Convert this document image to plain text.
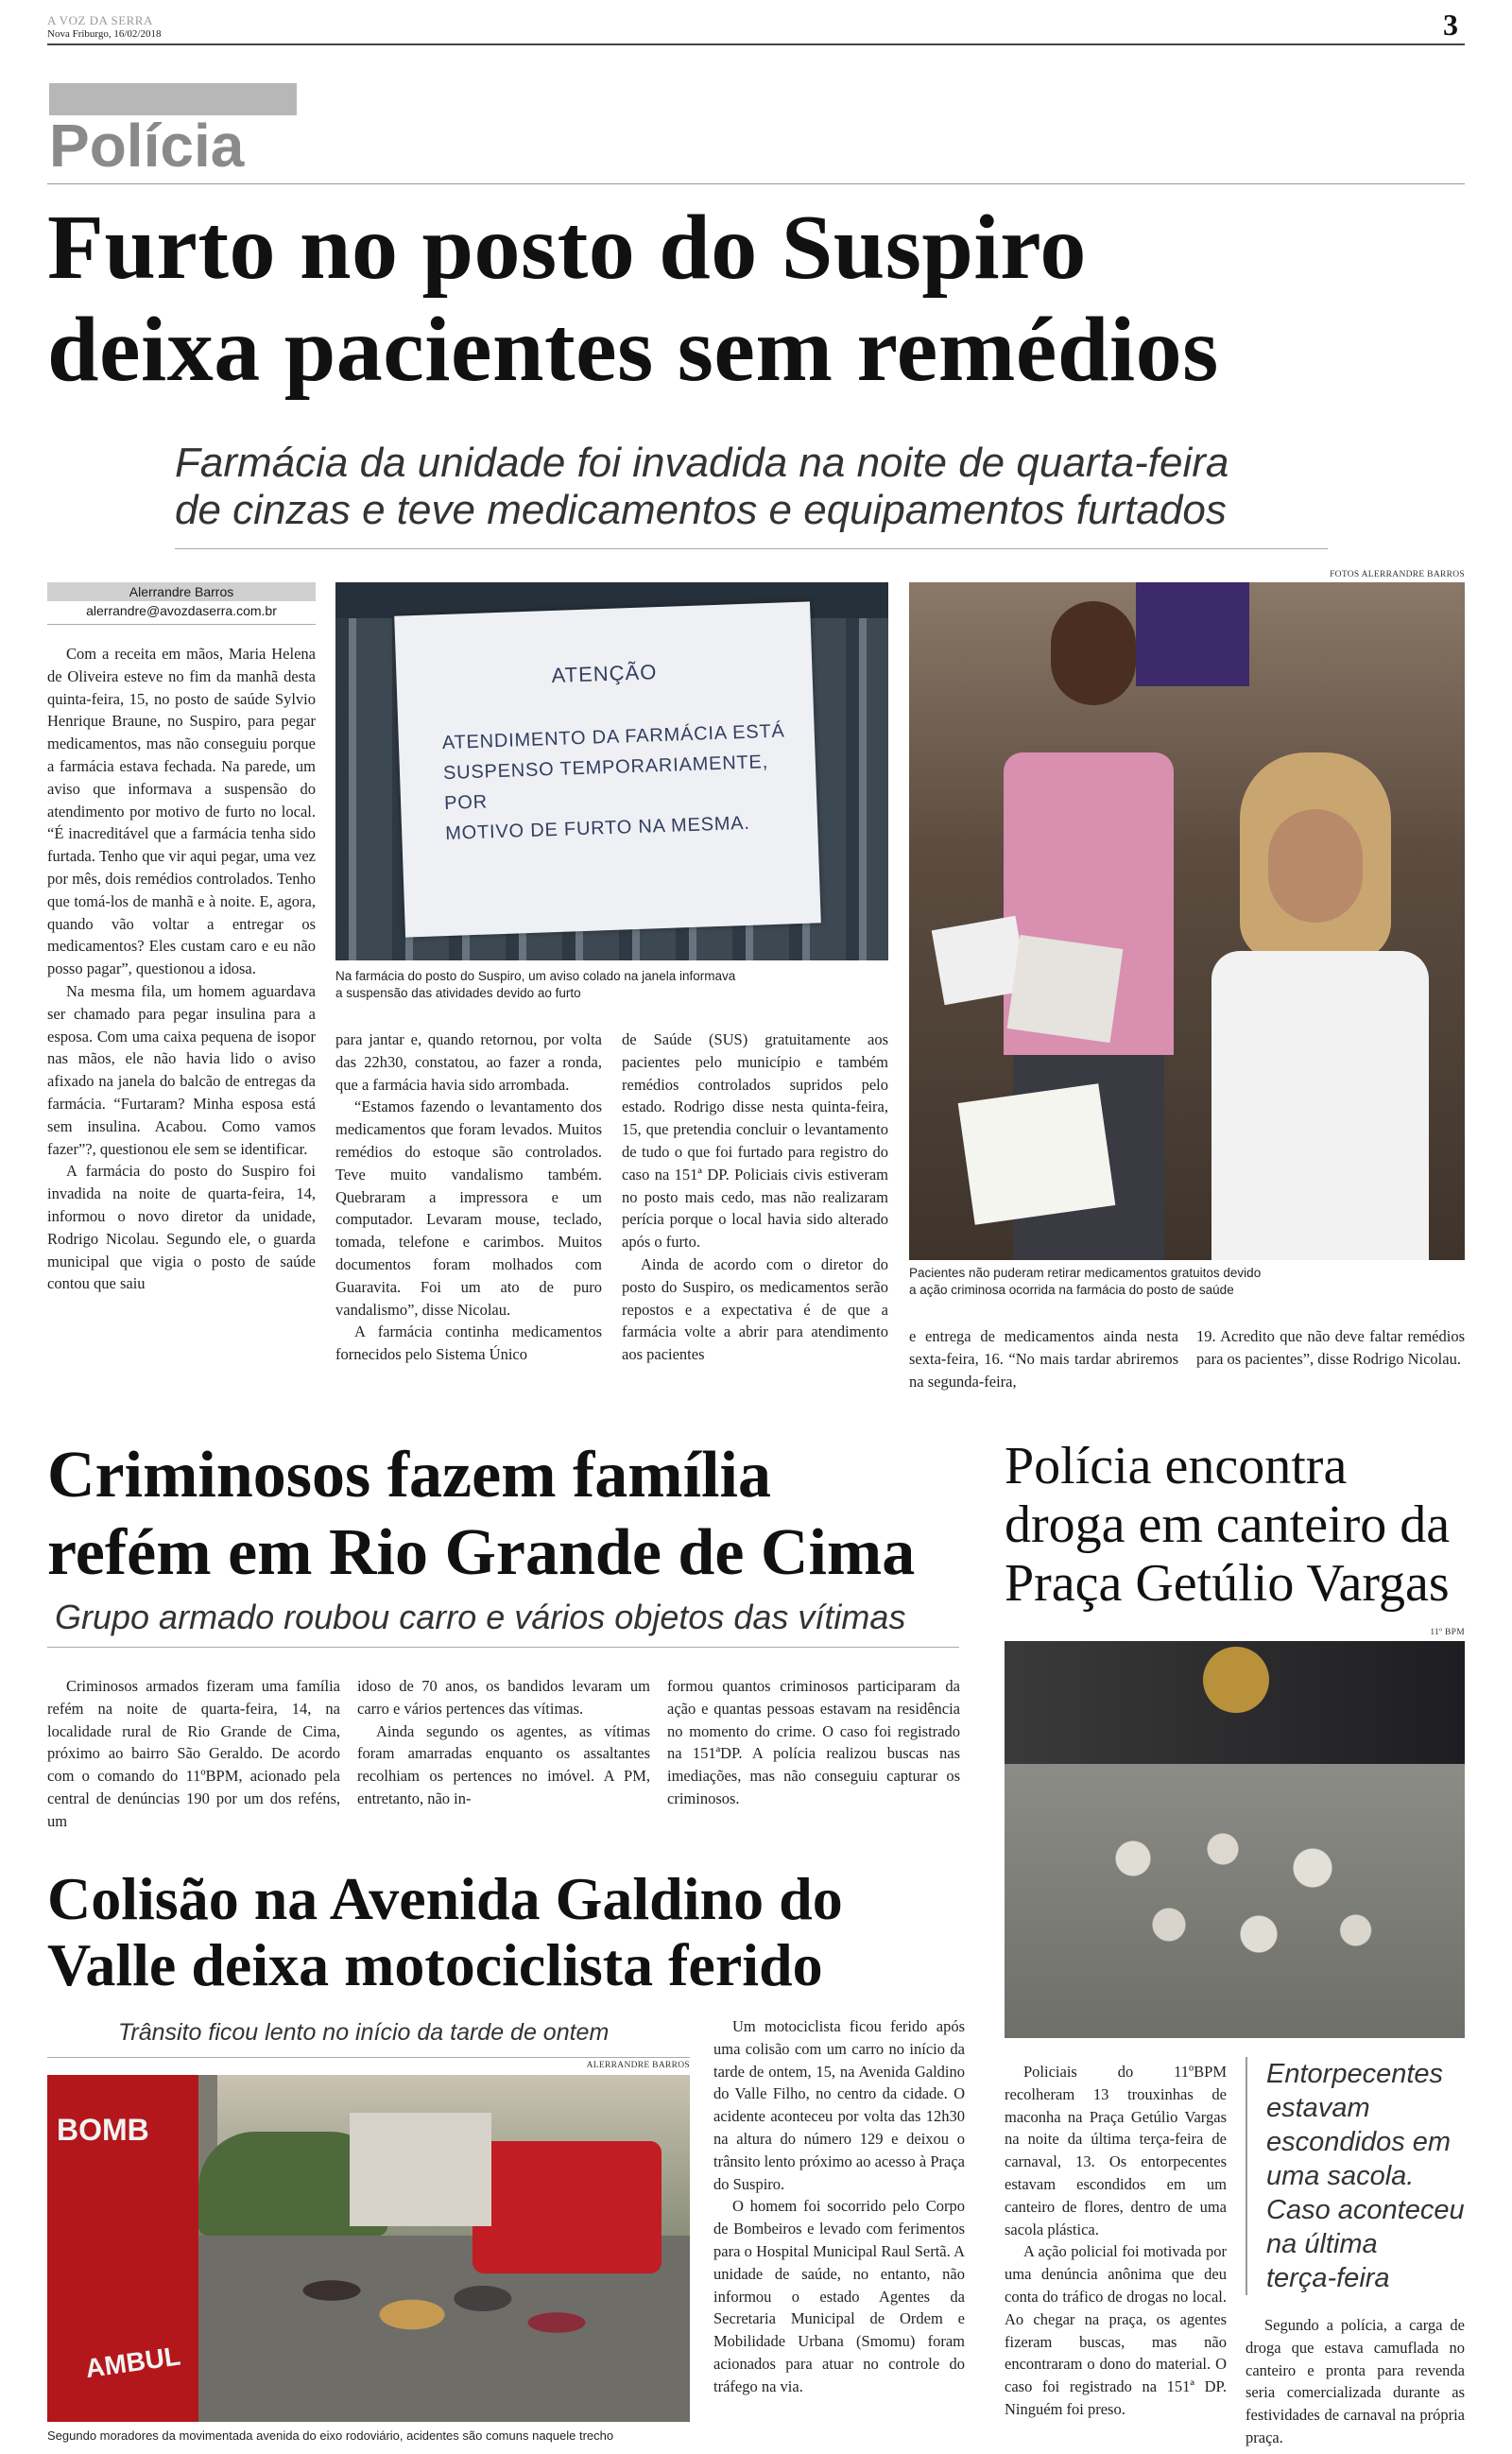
A VOZ DA SERRA
Nova Friburgo, 16/02/2018	3
Polícia
Furto no posto do Suspiro
deixa pacientes sem remédios
Farmácia da unidade foi invadida na noite de quarta-feira
de cinzas e teve medicamentos e equipamentos furtados
Alerrandre Barros
alerrandre@avozdaserra.com.br

Com a receita em mãos, Maria Helena de Oliveira esteve no fim da manhã desta quinta-feira, 15, no posto de saúde Sylvio Henrique Braune, no Suspiro, para pegar medicamentos, mas não conseguiu porque a farmácia estava fechada. Na parede, um aviso que informava a suspensão do atendimento por motivo de furto no local. “É inacreditável que a farmácia tenha sido furtada. Tenho que vir aqui pegar, uma vez por mês, dois remédios controlados. Tenho que tomá-los de manhã e à noite. E, agora, quando vão voltar a entregar os medicamentos? Eles custam caro e eu não posso pagar”, questionou a idosa.

Na mesma fila, um homem aguardava ser chamado para pegar insulina para a esposa. Com uma caixa pequena de isopor nas mãos, ele não havia lido o aviso afixado na janela do balcão de entregas da farmácia. “Furtaram? Minha esposa está sem insulina. Acabou. Como vamos fazer”?, questionou ele sem se identificar.

A farmácia do posto do Suspiro foi invadida na noite de quarta-feira, 14, informou o novo diretor da unidade, Rodrigo Nicolau. Segundo ele, o guarda municipal que vigia o posto de saúde contou que saiu

ATENÇÃO
ATENDIMENTO DA FARMÁCIA ESTÁ
SUSPENSO TEMPORARIAMENTE, POR
MOTIVO DE FURTO NA MESMA.
Na farmácia do posto do Suspiro, um aviso colado na janela informava
a suspensão das atividades devido ao furto

para jantar e, quando retornou, por volta das 22h30, constatou, ao fazer a ronda, que a farmácia havia sido arrombada.

“Estamos fazendo o levantamento dos medicamentos que foram levados. Muitos remédios do estoque são controlados. Teve muito vandalismo também. Quebraram a impressora e um computador. Levaram mouse, teclado, tomada, telefone e carimbos. Muitos documentos foram molhados com Guaravita. Foi um ato de puro vandalismo”, disse Nicolau.

A farmácia continha medicamentos fornecidos pelo Sistema Único

de Saúde (SUS) gratuitamente aos pacientes pelo município e também remédios controlados supridos pelo estado. Rodrigo disse nesta quinta-feira, 15, que pretendia concluir o levantamento de tudo o que foi furtado para registro do caso na 151ª DP. Policiais civis estiveram no posto mais cedo, mas não realizaram perícia porque o local havia sido alterado após o furto.

Ainda de acordo com o diretor do posto do Suspiro, os medicamentos serão repostos e a expectativa é de que a farmácia volte a abrir para atendimento aos pacientes

FOTOS ALERRANDRE BARROS
Pacientes não puderam retirar medicamentos gratuitos devido
a ação criminosa ocorrida na farmácia do posto de saúde

e entrega de medicamentos ainda nesta sexta-feira, 16. “No mais tardar abriremos na segunda-feira,

19. Acredito que não deve faltar remédios para os pacientes”, disse Rodrigo Nicolau.

Criminosos fazem família
refém em Rio Grande de Cima
Grupo armado roubou carro e vários objetos das vítimas

Criminosos armados fizeram uma família refém na noite de quarta-feira, 14, na localidade rural de Rio Grande de Cima, próximo ao bairro São Geraldo. De acordo com o comando do 11ºBPM, acionado pela central de denúncias 190 por um dos reféns, um

idoso de 70 anos, os bandidos levaram um carro e vários pertences das vítimas.

Ainda segundo os agentes, as vítimas foram amarradas enquanto os assaltantes recolhiam os pertences no imóvel. A PM, entretanto, não in-

formou quantos criminosos participaram da ação e quantas pessoas estavam na residência no momento do crime. O caso foi registrado na 151ªDP. A polícia realizou buscas nas imediações, mas não conseguiu capturar os criminosos.

Polícia encontra
droga em canteiro da
Praça Getúlio Vargas
11º BPM

Policiais do 11ºBPM recolheram 13 trouxinhas de maconha na Praça Getúlio Vargas na noite da última terça-feira de carnaval, 13. Os entorpecentes estavam escondidos em um canteiro de flores, dentro de uma sacola plástica.

A ação policial foi motivada por uma denúncia anônima que deu conta do tráfico de drogas no local. Ao chegar na praça, os agentes fizeram buscas, mas não encontraram o dono do material. O caso foi registrado na 151ª DP. Ninguém foi preso.

Entorpecentes
estavam
escondidos em
uma sacola.
Caso aconteceu
na última
terça-feira

Segundo a polícia, a carga de droga que estava camuflada no canteiro e pronta para revenda seria comercializada durante as festividades de carnaval na própria praça.

Colisão na Avenida Galdino do
Valle deixa motociclista ferido
Trânsito ficou lento no início da tarde de ontem
ALERRANDRE BARROS
BOMB
AMBUL
Segundo moradores da movimentada avenida do eixo rodoviário, acidentes são comuns naquele trecho

Um motociclista ficou ferido após uma colisão com um carro no início da tarde de ontem, 15, na Avenida Galdino do Valle Filho, no centro da cidade. O acidente aconteceu por volta das 12h30 na altura do número 129 e deixou o trânsito lento próximo ao acesso à Praça do Suspiro.

O homem foi socorrido pelo Corpo de Bombeiros e levado com ferimentos para o Hospital Municipal Raul Sertã. A unidade de saúde, no entanto, não informou o estado Agentes da Secretaria Municipal de Ordem e Mobilidade Urbana (Smomu) foram acionados para atuar no controle do tráfego na via.
